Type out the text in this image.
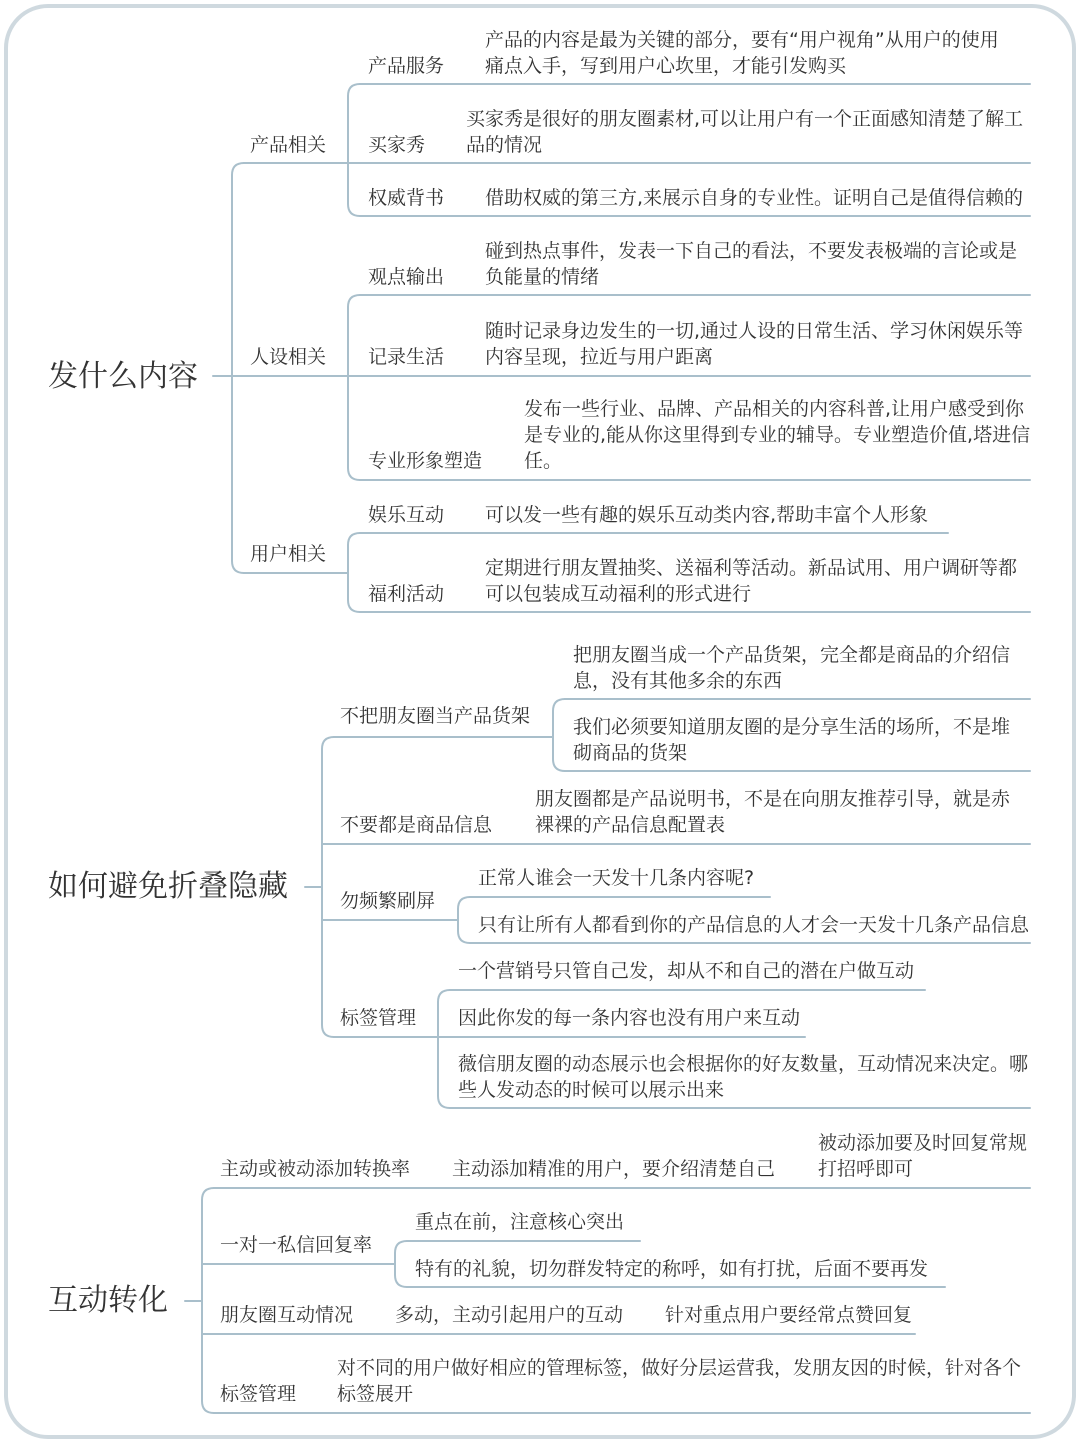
发什么内容
产品相关
产品服务
产品的内容是最为关键的部分，要有“用户视角”从用户的使用
痛点入手，写到用户心坎里，才能引发购买
买家秀
买家秀是很好的朋友圈素材,可以让用户有一个正面感知清楚了解工
品的情况
权威背书 借助权威的第三方,来展示自身的专业性。证明自己是值得信赖的
人设相关
观点输出
碰到热点事件，发表一下自己的看法，不要发表极端的言论或是
负能量的情绪
记录生活
随时记录身边发生的一切,通过人设的日常生活、学习休闲娱乐等
内容呈现，拉近与用户距离
专业形象塑造
发布一些行业、品牌、产品相关的内容科普,让用户感受到你
是专业的,能从你这里得到专业的辅导。专业塑造价值,塔进信
任。
用户相关
娱乐互动 可以发一些有趣的娱乐互动类内容,帮助丰富个人形象
福利活动
定期进行朋友置抽奖、送福利等活动。新品试用、用户调研等都
可以包装成互动福利的形式进行
如何避免折叠隐藏
不把朋友圈当产品货架
把朋友圈当成一个产品货架，完全都是商品的介绍信
息，没有其他多余的东西
我们必须要知道朋友圈的是分享生活的场所，不是堆
砌商品的货架
不要都是商品信息
朋友圈都是产品说明书，不是在向朋友推荐引导，就是赤
裸裸的产品信息配置表
勿频繁刷屏
正常人谁会一天发十几条内容呢?
只有让所有人都看到你的产品信息的人才会一天发十几条产品信息
标签管理
一个营销号只管自己发，却从不和自己的潜在户做互动
因此你发的每一条内容也没有用户来互动
薇信朋友圈的动态展示也会根据你的好友数量，互动情况来决定。哪
些人发动态的时候可以展示出来
互动转化
主动或被动添加转换率 主动添加精准的用户，要介绍清楚自己
被动添加要及时回复常规
打招呼即可
一对一私信回复率
重点在前，注意核心突出
特有的礼貌，切勿群发特定的称呼，如有打扰，后面不要再发
朋友圈互动情况 多动，主动引起用户的互动 针对重点用户要经常点赞回复
标签管理
对不同的用户做好相应的管理标签，做好分层运营我，发朋友因的时候，针对各个
标签展开
